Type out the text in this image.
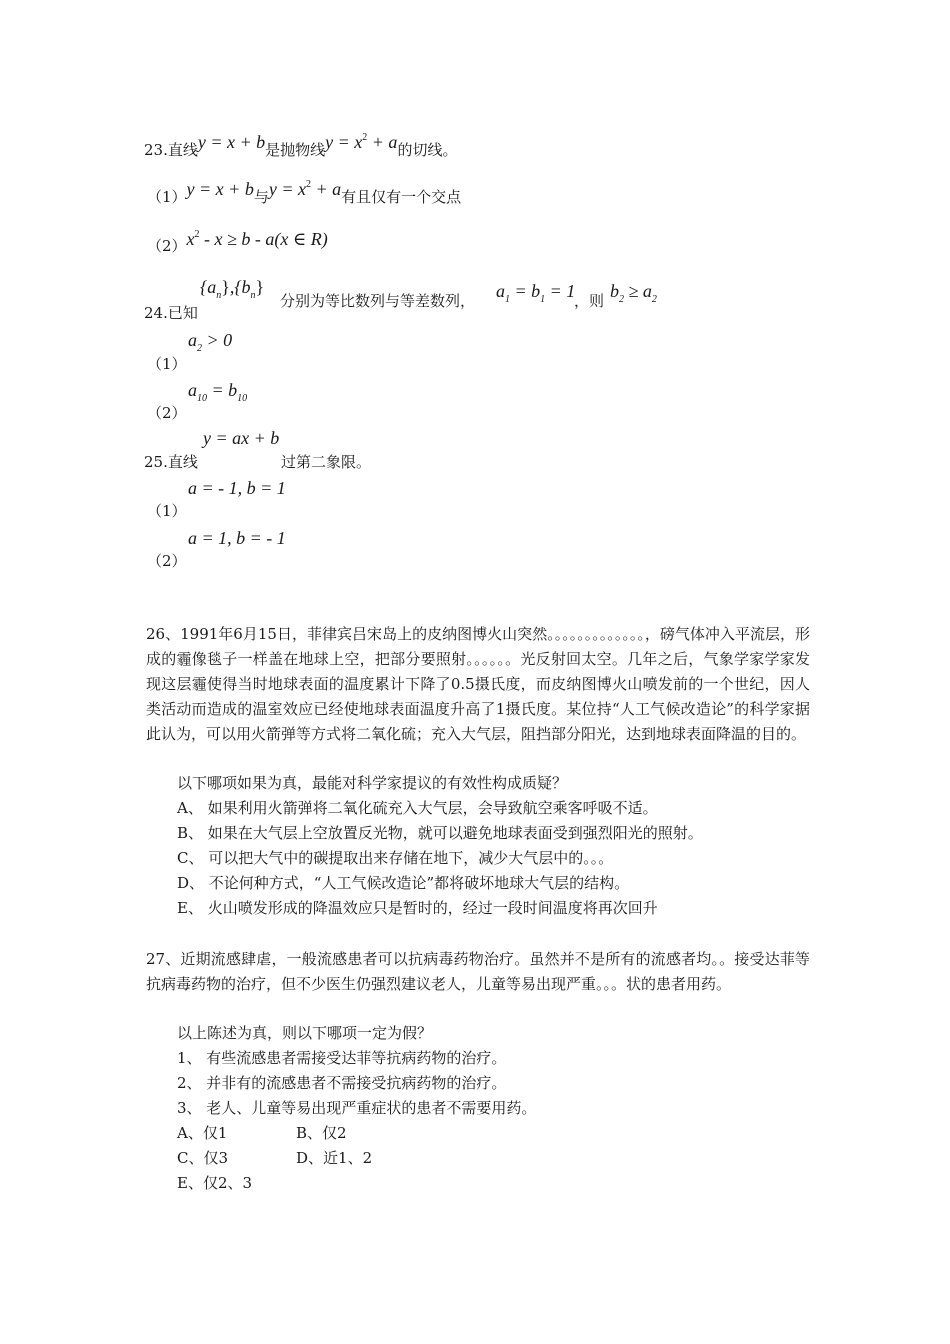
23.直线y = x + b是抛物线$y = x^2 + a$的切线。
（1）y = x + b与$y = x^2 + a$有且仅有一个交点
$(2)x^2 - x \ge b - a(x$ ∈ R)
$\{a_n\},\{b_n\}$
24.已知
分别为等比数列与等差数列， $a_1 = b_1 = 1$
，则 $b_2 \ge a_2$
$a_2 > 0$
（1）
$a_{10} = b_{10}$
（2）
y = ax + b
25.直线	过第二象限。
a = - 1, b = 1
（1）
a = 1, b = - 1
（2）
26、1991年6月15日，菲律宾吕宋岛上的皮纳图博火山突然。。。。。。。。。。。。。，磅气体冲入平流层，形成的霾像毯子一样盖在地球上空，把部分要照射。。。。。。光反射回太空。几年之后，气象学家学家发现这层霾使得当时地球表面的温度累计下降了0.5摄氏度，而皮纳图博火山喷发前的一个世纪，因人类活动而造成的温室效应已经使地球表面温度升高了1摄氏度。某位持“人工气候改造论”的科学家据此认为，可以用火箭弹等方式将二氧化硫；充入大气层，阻挡部分阳光，达到地球表面降温的目的。
以下哪项如果为真，最能对科学家提议的有效性构成质疑？
A、 如果利用火箭弹将二氧化硫充入大气层，会导致航空乘客呼吸不适。
B、 如果在大气层上空放置反光物，就可以避免地球表面受到强烈阳光的照射。
C、 可以把大气中的碳提取出来存储在地下，减少大气层中的。。。
D、 不论何种方式，“人工气候改造论”都将破坏地球大气层的结构。
E、 火山喷发形成的降温效应只是暂时的，经过一段时间温度将再次回升
27、近期流感肆虐，一般流感患者可以抗病毒药物治疗。虽然并不是所有的流感者均。。接受达菲等抗病毒药物的治疗，但不少医生仍强烈建议老人，儿童等易出现严重。。。状的患者用药。
以上陈述为真，则以下哪项一定为假？
1、 有些流感患者需接受达菲等抗病药物的治疗。
2、 并非有的流感患者不需接受抗病药物的治疗。
3、 老人、儿童等易出现严重症状的患者不需要用药。
A、仅1	B、仅2
C、仅3	D、近1、2
E、仅2、3
